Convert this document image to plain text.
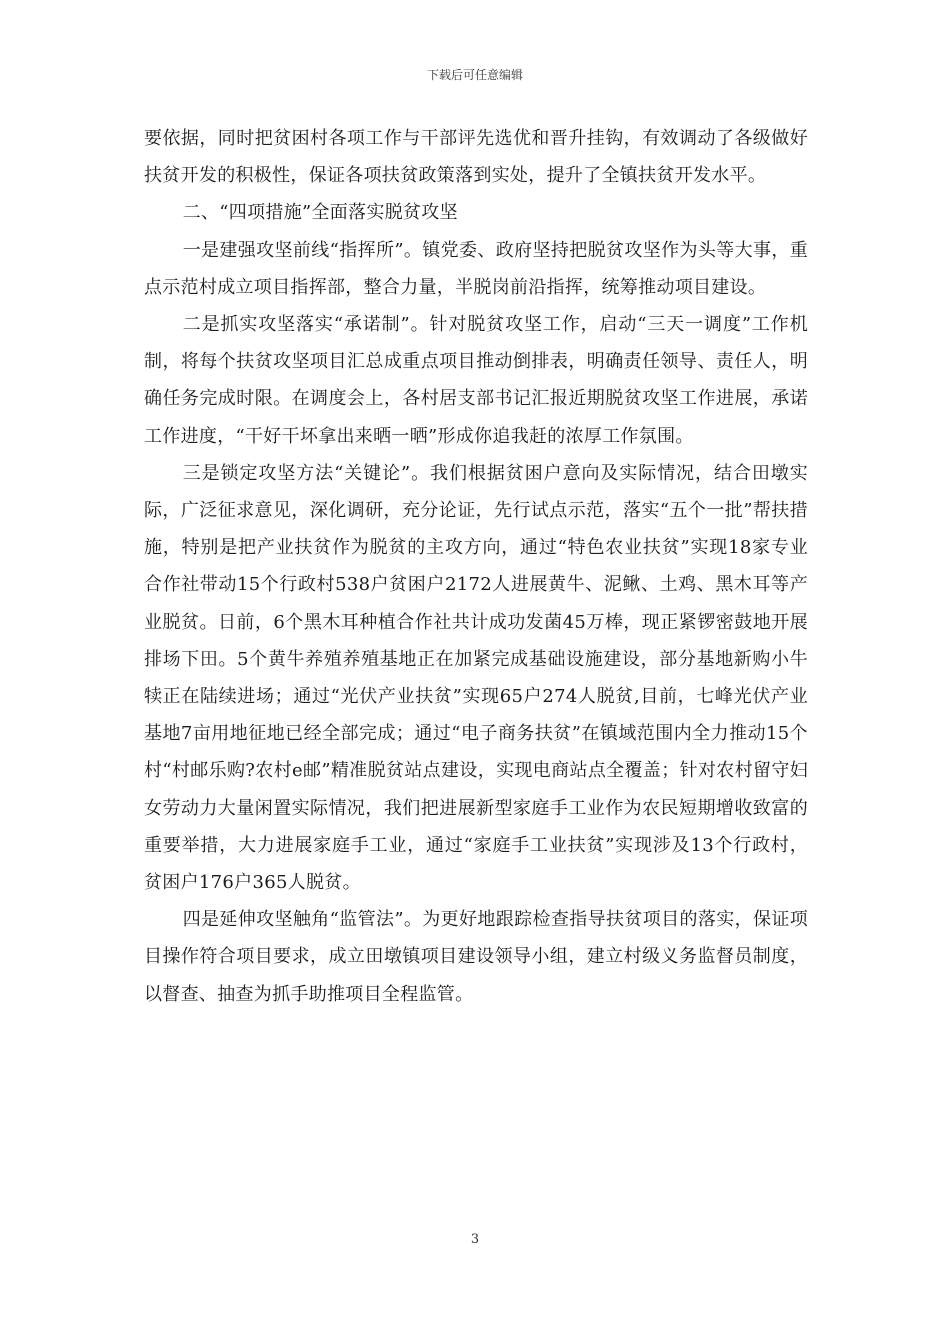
下载后可任意编辑

要依据，同时把贫困村各项工作与干部评先选优和晋升挂钩，有效调动了各级做好扶贫开发的积极性，保证各项扶贫政策落到实处，提升了全镇扶贫开发水平。

二、“四项措施”全面落实脱贫攻坚

一是建强攻坚前线“指挥所”。镇党委、政府坚持把脱贫攻坚作为头等大事，重点示范村成立项目指挥部，整合力量，半脱岗前沿指挥，统筹推动项目建设。

二是抓实攻坚落实“承诺制”。针对脱贫攻坚工作，启动“三天一调度”工作机制，将每个扶贫攻坚项目汇总成重点项目推动倒排表，明确责任领导、责任人，明确任务完成时限。在调度会上，各村居支部书记汇报近期脱贫攻坚工作进展，承诺工作进度，“干好干坏拿出来晒一晒”形成你追我赶的浓厚工作氛围。

三是锁定攻坚方法“关键论”。我们根据贫困户意向及实际情况，结合田墩实际，广泛征求意见，深化调研，充分论证，先行试点示范，落实“五个一批”帮扶措施，特别是把产业扶贫作为脱贫的主攻方向，通过“特色农业扶贫”实现18家专业合作社带动15个行政村538户贫困户2172人进展黄牛、泥鳅、土鸡、黑木耳等产业脱贫。日前，6个黑木耳种植合作社共计成功发菌45万棒，现正紧锣密鼓地开展排场下田。5个黄牛养殖养殖基地正在加紧完成基础设施建设，部分基地新购小牛犊正在陆续进场；通过“光伏产业扶贫”实现65户274人脱贫,目前，七峰光伏产业基地7亩用地征地已经全部完成；通过“电子商务扶贫”在镇域范围内全力推动15个村“村邮乐购?农村e邮”精准脱贫站点建设，实现电商站点全覆盖；针对农村留守妇女劳动力大量闲置实际情况，我们把进展新型家庭手工业作为农民短期增收致富的重要举措，大力进展家庭手工业，通过“家庭手工业扶贫”实现涉及13个行政村，贫困户176户365人脱贫。

四是延伸攻坚触角“监管法”。为更好地跟踪检查指导扶贫项目的落实，保证项目操作符合项目要求，成立田墩镇项目建设领导小组，建立村级义务监督员制度，以督查、抽查为抓手助推项目全程监管。

3
